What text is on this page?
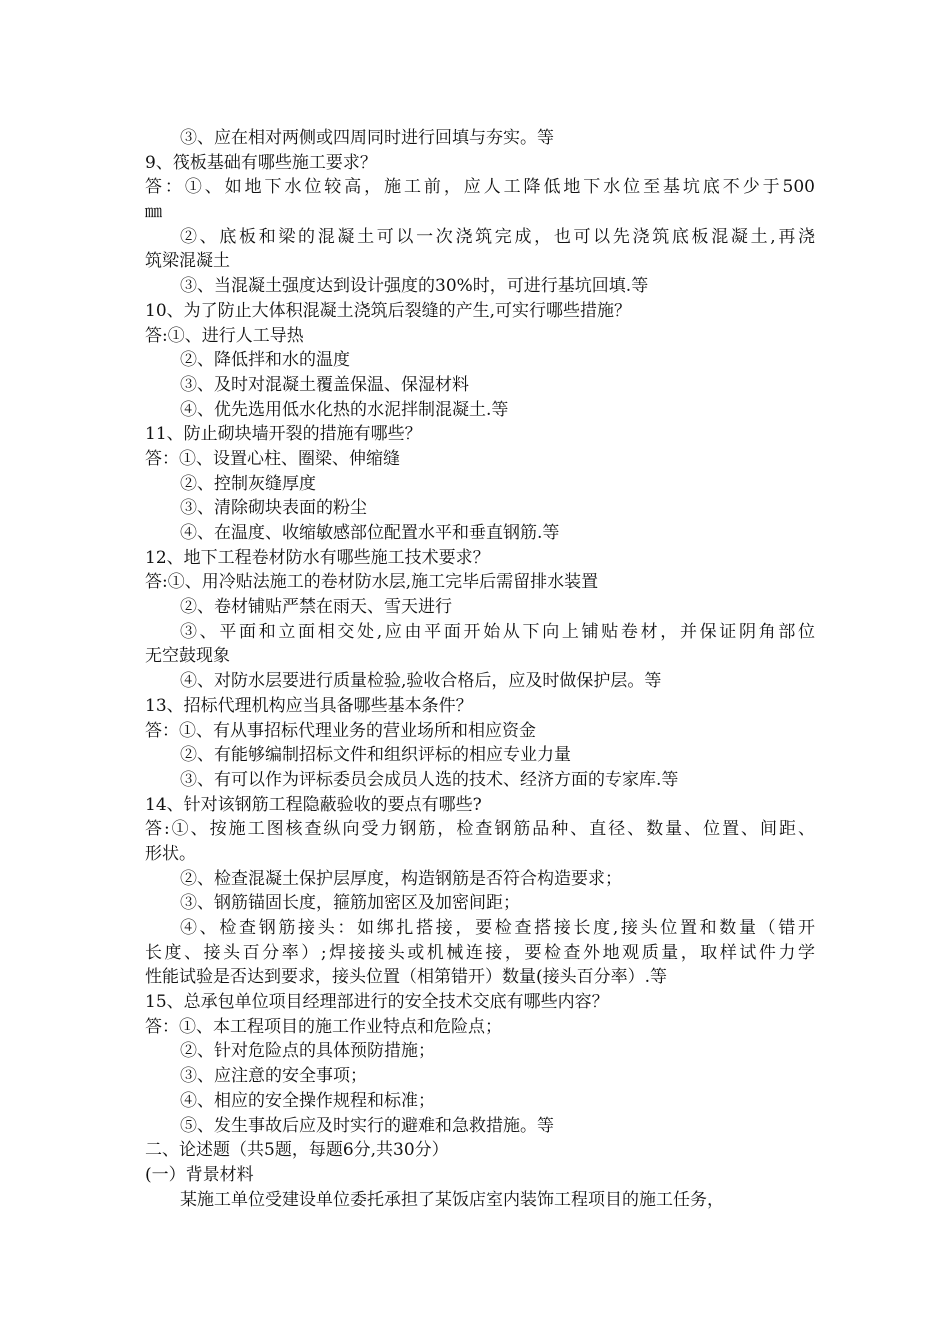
③、应在相对两侧或四周同时进行回填与夯实。等
9、筏板基础有哪些施工要求？
答：①、如地下水位较高，施工前，应人工降低地下水位至基坑底不少于500
㎜
②、底板和梁的混凝土可以一次浇筑完成，也可以先浇筑底板混凝土,再浇
筑梁混凝土
③、当混凝土强度达到设计强度的30%时，可进行基坑回填.等
10、为了防止大体积混凝土浇筑后裂缝的产生,可实行哪些措施？
答:①、进行人工导热
②、降低拌和水的温度
③、及时对混凝土覆盖保温、保湿材料
④、优先选用低水化热的水泥拌制混凝土.等
11、防止砌块墙开裂的措施有哪些？
答：①、设置心柱、圈梁、伸缩缝
②、控制灰缝厚度
③、清除砌块表面的粉尘
④、在温度、收缩敏感部位配置水平和垂直钢筋.等
12、地下工程卷材防水有哪些施工技术要求？
答:①、用冷贴法施工的卷材防水层,施工完毕后需留排水装置
②、卷材铺贴严禁在雨天、雪天进行
③、平面和立面相交处,应由平面开始从下向上铺贴卷材，并保证阴角部位
无空鼓现象
④、对防水层要进行质量检验,验收合格后，应及时做保护层。等
13、招标代理机构应当具备哪些基本条件？
答：①、有从事招标代理业务的营业场所和相应资金
②、有能够编制招标文件和组织评标的相应专业力量
③、有可以作为评标委员会成员人选的技术、经济方面的专家库.等
14、针对该钢筋工程隐蔽验收的要点有哪些?
答:①、按施工图核查纵向受力钢筋，检查钢筋品种、直径、数量、位置、间距、
形状。
②、检查混凝土保护层厚度，构造钢筋是否符合构造要求；
③、钢筋锚固长度，箍筋加密区及加密间距；
④、检查钢筋接头：如绑扎搭接，要检查搭接长度,接头位置和数量（错开
长度、接头百分率）;焊接接头或机械连接，要检查外地观质量，取样试件力学
性能试验是否达到要求，接头位置（相第错开）数量(接头百分率）.等
15、总承包单位项目经理部进行的安全技术交底有哪些内容？
答：①、本工程项目的施工作业特点和危险点；
②、针对危险点的具体预防措施；
③、应注意的安全事项；
④、相应的安全操作规程和标准；
⑤、发生事故后应及时实行的避难和急救措施。等
二、论述题（共5题，每题6分,共30分）
(一）背景材料
某施工单位受建设单位委托承担了某饭店室内装饰工程项目的施工任务，
